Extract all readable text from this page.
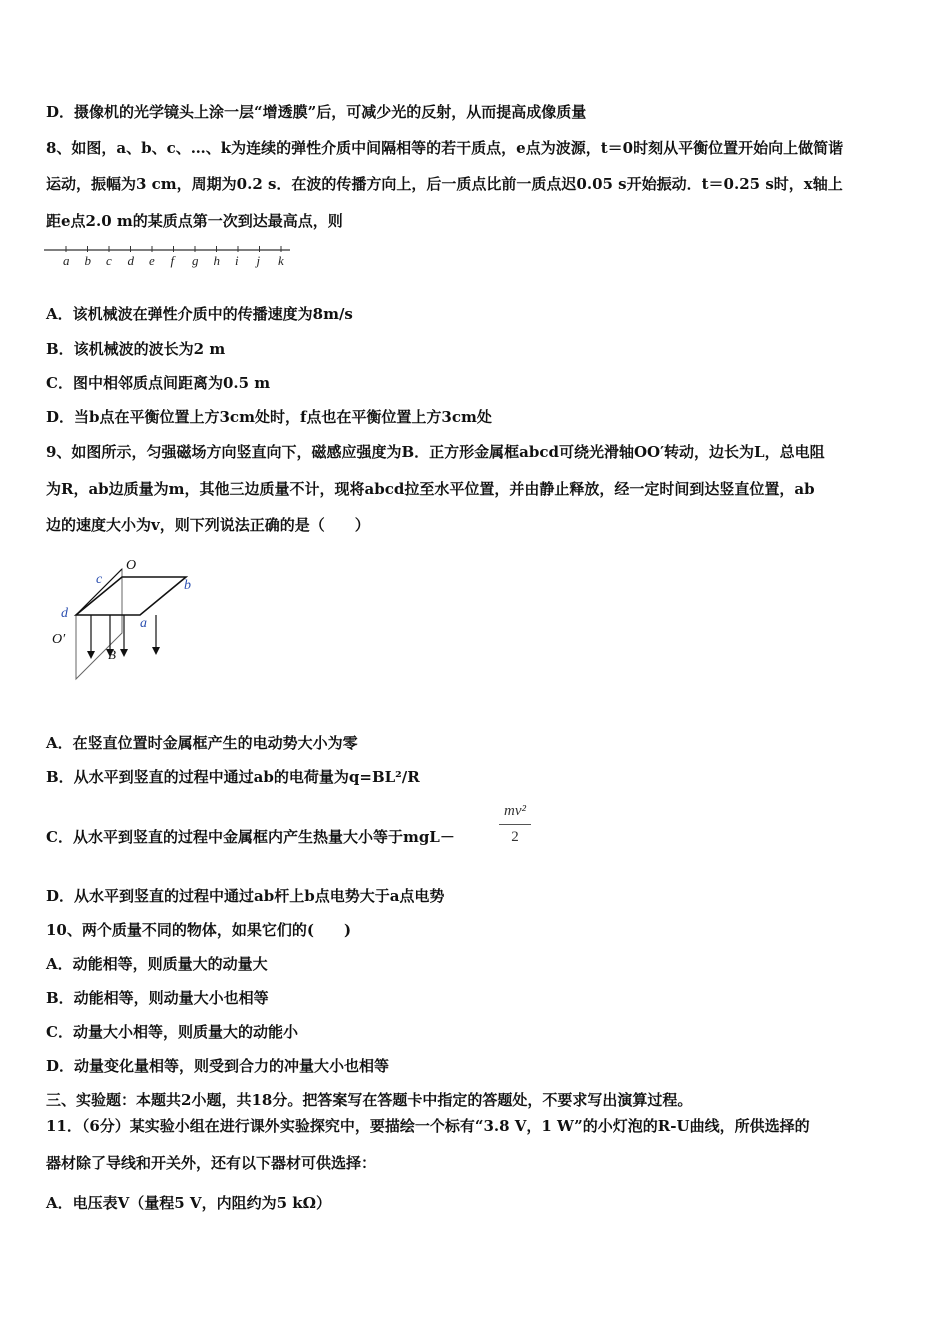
D．摄像机的光学镜头上涂一层“增透膜”后，可减少光的反射，从而提高成像质量
8、如图，a、b、c、…、k为连续的弹性介质中间隔相等的若干质点，e点为波源，t＝0时刻从平衡位置开始向上做简谐
运动，振幅为3 cm，周期为0.2 s．在波的传播方向上，后一质点比前一质点迟0.05 s开始振动．t＝0.25 s时，x轴上
距e点2.0 m的某质点第一次到达最高点，则
a b c d e f g h i j k
A．该机械波在弹性介质中的传播速度为8m/s
B．该机械波的波长为2 m
C．图中相邻质点间距离为0.5 m
D．当b点在平衡位置上方3cm处时，f点也在平衡位置上方3cm处
9、如图所示，匀强磁场方向竖直向下，磁感应强度为B．正方形金属框abcd可绕光滑轴OO′转动，边长为L，总电阻
为R，ab边质量为m，其他三边质量不计，现将abcd拉至水平位置，并由静止释放，经一定时间到达竖直位置，ab
边的速度大小为v，则下列说法正确的是（　　）
c
O
b
d
a
O′
B
A．在竖直位置时金属框产生的电动势大小为零
B．从水平到竖直的过程中通过ab的电荷量为q=BL²/R
C．从水平到竖直的过程中金属框内产生热量大小等于mgL－
mv²
2
D．从水平到竖直的过程中通过ab杆上b点电势大于a点电势
10、两个质量不同的物体，如果它们的(　　)
A．动能相等，则质量大的动量大
B．动能相等，则动量大小也相等
C．动量大小相等，则质量大的动能小
D．动量变化量相等，则受到合力的冲量大小也相等
三、实验题：本题共2小题，共18分。把答案写在答题卡中指定的答题处，不要求写出演算过程。
11．（6分）某实验小组在进行课外实验探究中，要描绘一个标有“3.8 V，1 W”的小灯泡的R-U曲线，所供选择的
器材除了导线和开关外，还有以下器材可供选择：
A．电压表V（量程5 V，内阻约为5 kΩ）
